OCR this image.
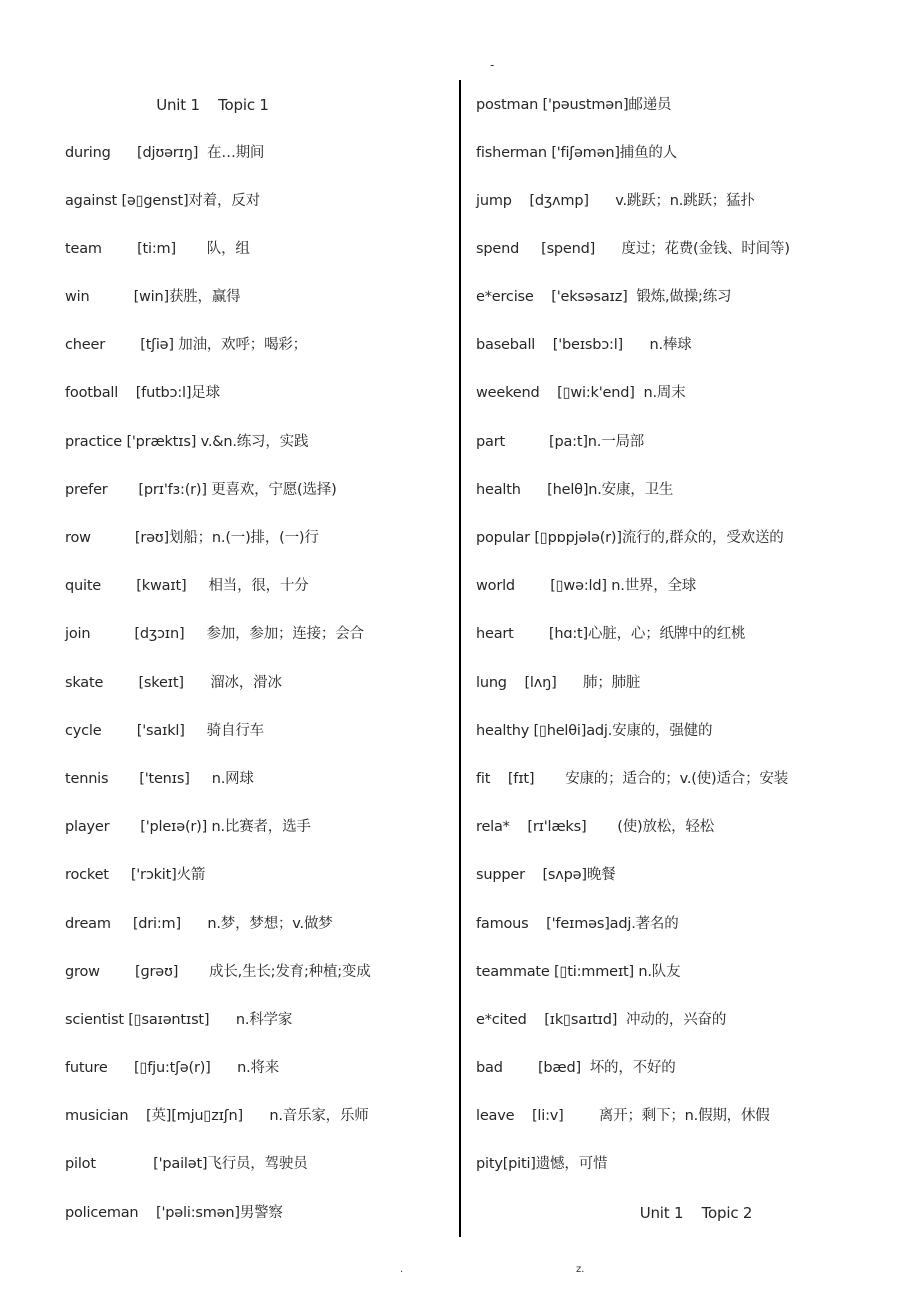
-
Unit 1    Topic 1
during      [djʊərɪŋ]  在…期间
against [ə▯genst]对着，反对
team        [ti:m]       队，组
win          [win]获胜，赢得
cheer        [tʃiə] 加油，欢呼；喝彩；
football    [futbɔ:l]足球
practice ['præktɪs] v.&n.练习，实践
prefer       [prɪ'fɜ:(r)] 更喜欢，宁愿(选择)
row          [rəʊ]划船；n.(一)排，(一)行
quite        [kwaɪt]     相当，很，十分
join          [dʒɔɪn]     参加，参加；连接；会合
skate        [skeɪt]      溜冰，滑冰
cycle        ['saɪkl]     骑自行车
tennis       ['tenɪs]     n.网球
player       ['pleɪə(r)] n.比赛者，选手
rocket     ['rɔkit]火箭
dream     [dri:m]      n.梦，梦想；v.做梦
grow        [ɡrəʊ]       成长,生长;发育;种植;变成
scientist [▯saɪəntɪst]      n.科学家
future      [▯fju:tʃə(r)]      n.将来
musician    [英][mju▯zɪʃn]      n.音乐家，乐师
pilot             ['pailət]飞行员，驾驶员
policeman    ['pəli:smən]男警察
postman ['pəustmən]邮递员
fisherman ['fiʃəmən]捕鱼的人
jump    [dʒʌmp]      v.跳跃；n.跳跃；猛扑
spend     [spend]      度过；花费(金钱、时间等)
e*ercise    ['eksəsaɪz]  锻炼,做操;练习
baseball    ['beɪsbɔ:l]      n.棒球
weekend    [▯wi:k'end]  n.周末
part          [pa:t]n.一局部
health      [helθ]n.安康，卫生
popular [▯pɒpjələ(r)]流行的,群众的，受欢送的
world        [▯wə:ld] n.世界，全球
heart        [hɑ:t]心脏，心；纸牌中的红桃
lung    [lʌŋ]      肺；肺脏
healthy [▯helθi]adj.安康的，强健的
fit    [fɪt]       安康的；适合的；v.(使)适合；安装
rela*    [rɪ'læks]       (使)放松，轻松
supper    [sʌpə]晚餐
famous    ['feɪməs]adj.著名的
teammate [▯ti:mmeɪt] n.队友
e*cited    [ɪk▯saɪtɪd]  冲动的，兴奋的
bad        [bæd]  坏的，不好的
leave    [li:v]        离开；剩下；n.假期，休假
pity[piti]遗憾，可惜
Unit 1    Topic 2
.	z.
